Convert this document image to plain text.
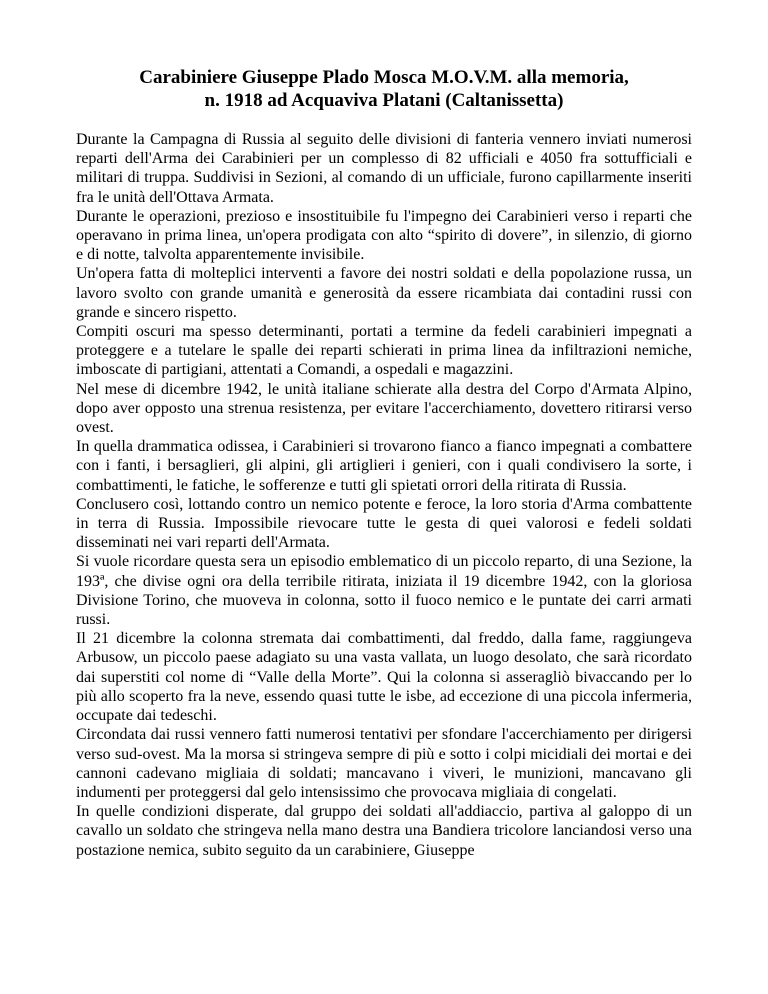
Carabiniere Giuseppe Plado Mosca M.O.V.M. alla memoria,
n. 1918 ad Acquaviva Platani (Caltanissetta)

Durante la Campagna di Russia al seguito delle divisioni di fanteria vennero inviati numerosi reparti dell'Arma dei Carabinieri per un complesso di 82 ufficiali e 4050 fra sottufficiali e militari di truppa. Suddivisi in Sezioni, al comando di un ufficiale, furono capillarmente inseriti fra le unità dell'Ottava Armata.

Durante le operazioni, prezioso e insostituibile fu l'impegno dei Carabinieri verso i reparti che operavano in prima linea, un'opera prodigata con alto “spirito di dovere”, in silenzio, di giorno e di notte, talvolta apparentemente invisibile.

Un'opera fatta di molteplici interventi a favore dei nostri soldati e della popolazione russa, un lavoro svolto con grande umanità e generosità da essere ricambiata dai contadini russi con grande e sincero rispetto.

Compiti oscuri ma spesso determinanti, portati a termine da fedeli carabinieri impegnati a proteggere e a tutelare le spalle dei reparti schierati in prima linea da infiltrazioni nemiche, imboscate di partigiani, attentati a Comandi, a ospedali e magazzini.

Nel mese di dicembre 1942, le unità italiane schierate alla destra del Corpo d'Armata Alpino, dopo aver opposto una strenua resistenza, per evitare l'accerchiamento, dovettero ritirarsi verso ovest.

In quella drammatica odissea, i Carabinieri si trovarono fianco a fianco impegnati a combattere con i fanti, i bersaglieri, gli alpini, gli artiglieri i genieri, con i quali condivisero la sorte, i combattimenti, le fatiche, le sofferenze e tutti gli spietati orrori della ritirata di Russia.

Conclusero così, lottando contro un nemico potente e feroce, la loro storia d'Arma combattente in terra di Russia. Impossibile rievocare tutte le gesta di quei valorosi e fedeli soldati disseminati nei vari reparti dell'Armata.

Si vuole ricordare questa sera un episodio emblematico di un piccolo reparto, di una Sezione, la 193ª, che divise ogni ora della terribile ritirata, iniziata il 19 dicembre 1942, con la gloriosa Divisione Torino, che muoveva in colonna, sotto il fuoco nemico e le puntate dei carri armati russi.

Il 21 dicembre la colonna stremata dai combattimenti, dal freddo, dalla fame, raggiungeva Arbusow, un piccolo paese adagiato su una vasta vallata, un luogo desolato, che sarà ricordato dai superstiti col nome di “Valle della Morte”. Qui la colonna si asseragliò bivaccando per lo più allo scoperto fra la neve, essendo quasi tutte le isbe, ad eccezione di una piccola infermeria, occupate dai tedeschi.

Circondata dai russi vennero fatti numerosi tentativi per sfondare l'accerchiamento per dirigersi verso sud-ovest. Ma la morsa si stringeva sempre di più e sotto i colpi micidiali dei mortai e dei cannoni cadevano migliaia di soldati; mancavano i viveri, le munizioni, mancavano gli indumenti per proteggersi dal gelo intensissimo che provocava migliaia di congelati.

In quelle condizioni disperate, dal gruppo dei soldati all'addiaccio, partiva al galoppo di un cavallo un soldato che stringeva nella mano destra una Bandiera tricolore lanciandosi verso una postazione nemica, subito seguito da un carabiniere, Giuseppe
